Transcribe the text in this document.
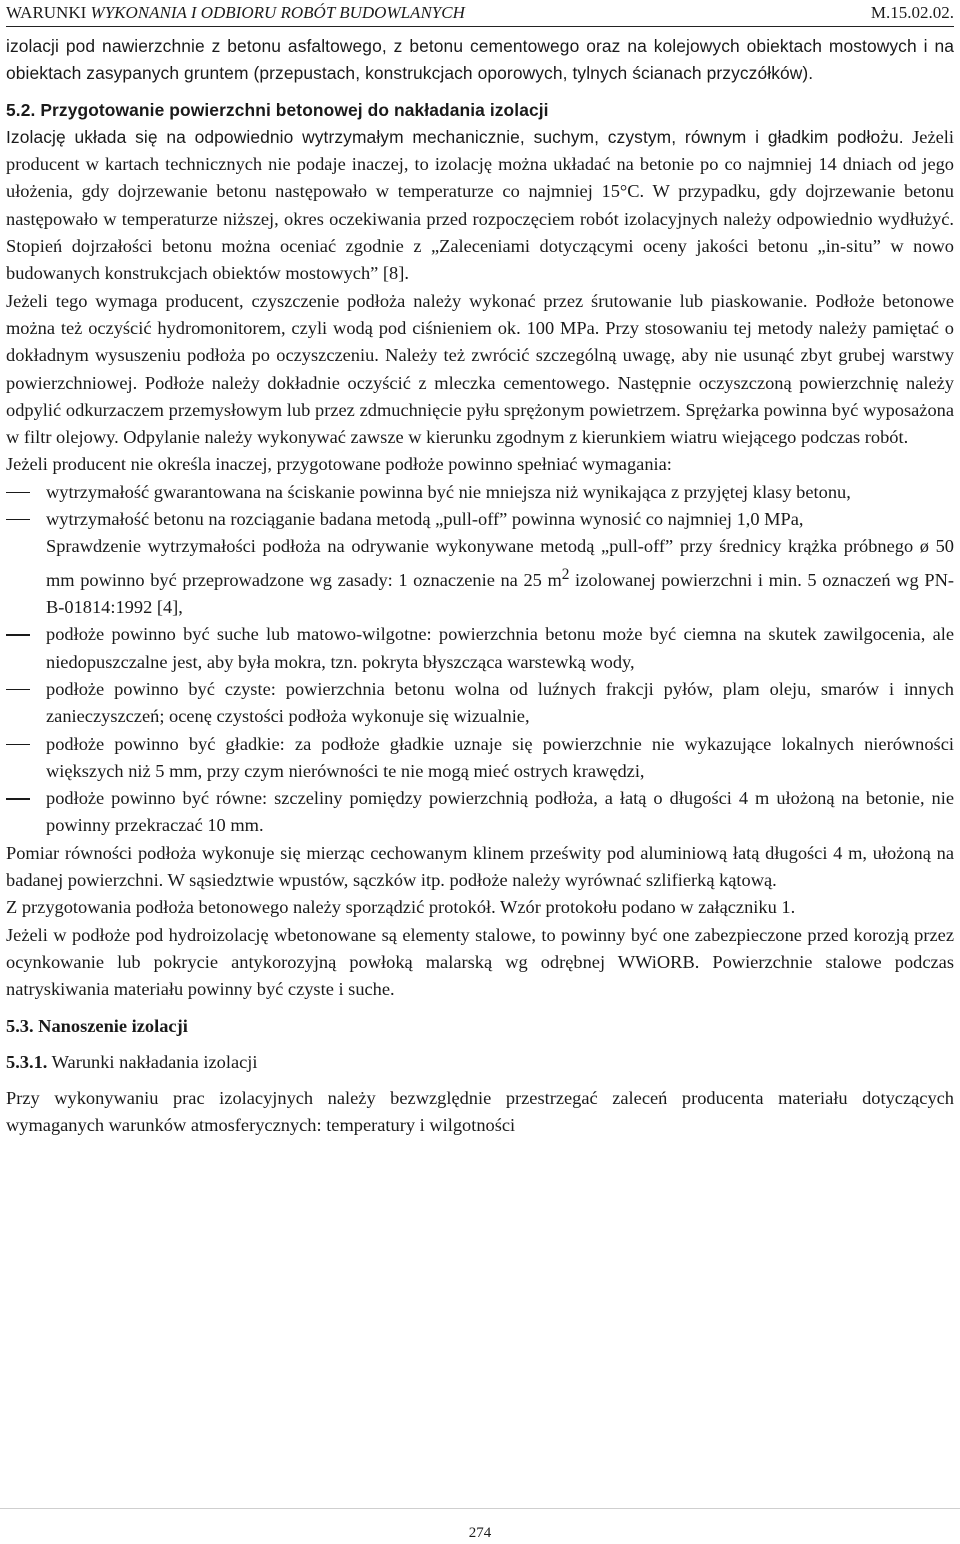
WARUNKI WYKONANIA I ODBIORU ROBÓT BUDOWLANYCH	M.15.02.02.

izolacji pod nawierzchnie z betonu asfaltowego, z betonu cementowego oraz na kolejowych obiektach mostowych i na obiektach zasypanych gruntem (przepustach, konstrukcjach oporowych, tylnych ścianach przyczółków).

5.2. Przygotowanie powierzchni betonowej do nakładania izolacji

Izolację układa się na odpowiednio wytrzymałym mechanicznie, suchym, czystym, równym i gładkim podłożu. Jeżeli producent w kartach technicznych nie podaje inaczej, to izolację można układać na betonie po co najmniej 14 dniach od jego ułożenia, gdy dojrzewanie betonu następowało w temperaturze co najmniej 15°C. W przypadku, gdy dojrzewanie betonu następowało w temperaturze niższej, okres oczekiwania przed rozpoczęciem robót izolacyjnych należy odpowiednio wydłużyć. Stopień dojrzałości betonu można oceniać zgodnie z „Zaleceniami dotyczącymi oceny jakości betonu „in-situ” w nowo budowanych konstrukcjach obiektów mostowych” [8].

Jeżeli tego wymaga producent, czyszczenie podłoża należy wykonać przez śrutowanie lub piaskowanie. Podłoże betonowe można też oczyścić hydromonitorem, czyli wodą pod ciśnieniem ok. 100 MPa. Przy stosowaniu tej metody należy pamiętać o dokładnym wysuszeniu podłoża po oczyszczeniu. Należy też zwrócić szczególną uwagę, aby nie usunąć zbyt grubej warstwy powierzchniowej. Podłoże należy dokładnie oczyścić z mleczka cementowego. Następnie oczyszczoną powierzchnię należy odpylić odkurzaczem przemysłowym lub przez zdmuchnięcie pyłu sprężonym powietrzem. Sprężarka powinna być wyposażona w filtr olejowy. Odpylanie należy wykonywać zawsze w kierunku zgodnym z kierunkiem wiatru wiejącego podczas robót.

Jeżeli producent nie określa inaczej, przygotowane podłoże powinno spełniać wymagania:

wytrzymałość gwarantowana na ściskanie powinna być nie mniejsza niż wynikająca z przyjętej klasy betonu,
wytrzymałość betonu na rozciąganie badana metodą „pull-off” powinna wynosić co najmniej 1,0 MPa,

Sprawdzenie wytrzymałości podłoża na odrywanie wykonywane metodą „pull-off” przy średnicy krążka próbnego ø 50 mm powinno być przeprowadzone wg zasady: 1 oznaczenie na 25 $m^2$ izolowanej powierzchni i min. 5 oznaczeń wg PN-B-01814:1992 [4],

podłoże powinno być suche lub matowo-wilgotne: powierzchnia betonu może być ciemna na skutek zawilgocenia, ale niedopuszczalne jest, aby była mokra, tzn. pokryta błyszcząca warstewką wody,
podłoże powinno być czyste: powierzchnia betonu wolna od luźnych frakcji pyłów, plam oleju, smarów i innych zanieczyszczeń; ocenę czystości podłoża wykonuje się wizualnie,
podłoże powinno być gładkie: za podłoże gładkie uznaje się powierzchnie nie wykazujące lokalnych nierówności większych niż 5 mm, przy czym nierówności te nie mogą mieć ostrych krawędzi,
podłoże powinno być równe: szczeliny pomiędzy powierzchnią podłoża, a łatą o długości 4 m ułożoną na betonie, nie powinny przekraczać 10 mm.

Pomiar równości podłoża wykonuje się mierząc cechowanym klinem prześwity pod aluminiową łatą długości 4 m, ułożoną na badanej powierzchni. W sąsiedztwie wpustów, sączków itp. podłoże należy wyrównać szlifierką kątową.

Z przygotowania podłoża betonowego należy sporządzić protokół. Wzór protokołu podano w załączniku 1.

Jeżeli w podłoże pod hydroizolację wbetonowane są elementy stalowe, to powinny być one zabezpieczone przed korozją przez ocynkowanie lub pokrycie antykorozyjną powłoką malarską wg odrębnej WWiORB. Powierzchnie stalowe podczas natryskiwania materiału powinny być czyste i suche.

5.3. Nanoszenie izolacji

5.3.1. Warunki nakładania izolacji

Przy wykonywaniu prac izolacyjnych należy bezwzględnie przestrzegać zaleceń producenta materiału dotyczących wymaganych warunków atmosferycznych: temperatury i wilgotności

274
